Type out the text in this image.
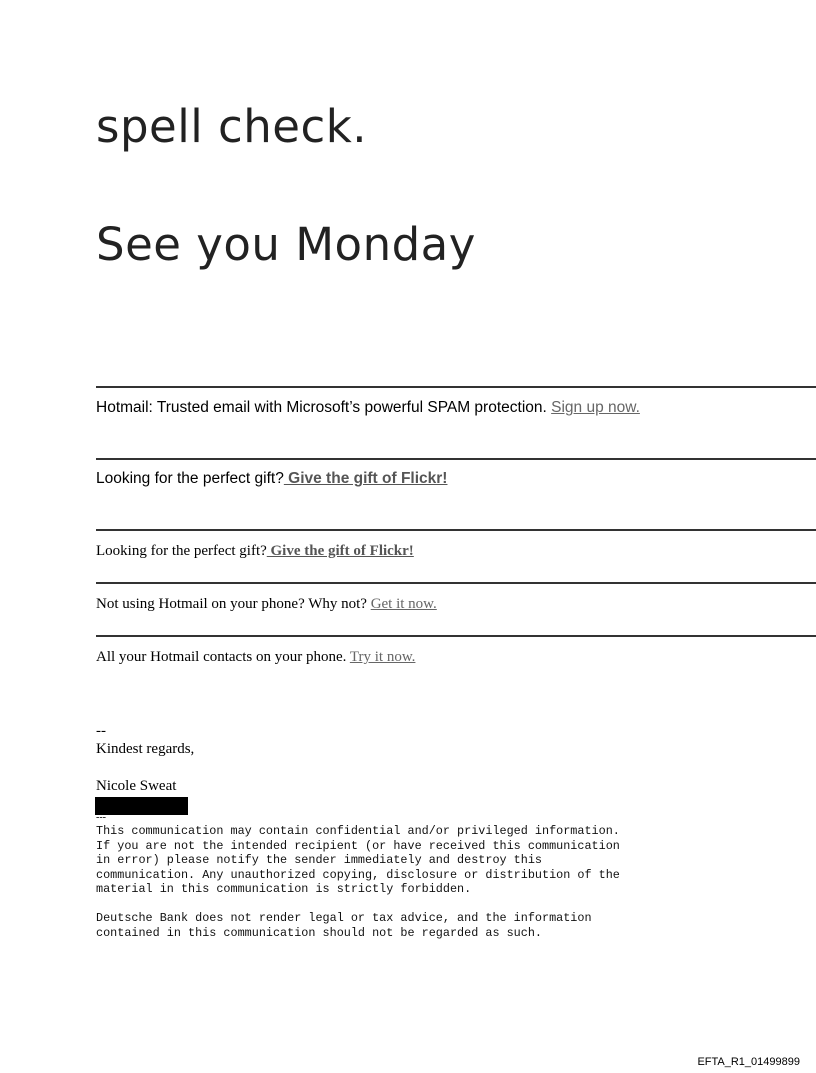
spell check.

See you Monday

Hotmail: Trusted email with Microsoft’s powerful SPAM protection. Sign up now.

Looking for the perfect gift? Give the gift of Flickr!

Looking for the perfect gift? Give the gift of Flickr!

Not using Hotmail on your phone? Why not? Get it now.

All your Hotmail contacts on your phone. Try it now.

--

Kindest regards,

Nicole Sweat

---

This communication may contain confidential and/or privileged information.
If you are not the intended recipient (or have received this communication
in error) please notify the sender immediately and destroy this
communication. Any unauthorized copying, disclosure or distribution of the
material in this communication is strictly forbidden.

Deutsche Bank does not render legal or tax advice, and the information
contained in this communication should not be regarded as such.

EFTA_R1_01499899
